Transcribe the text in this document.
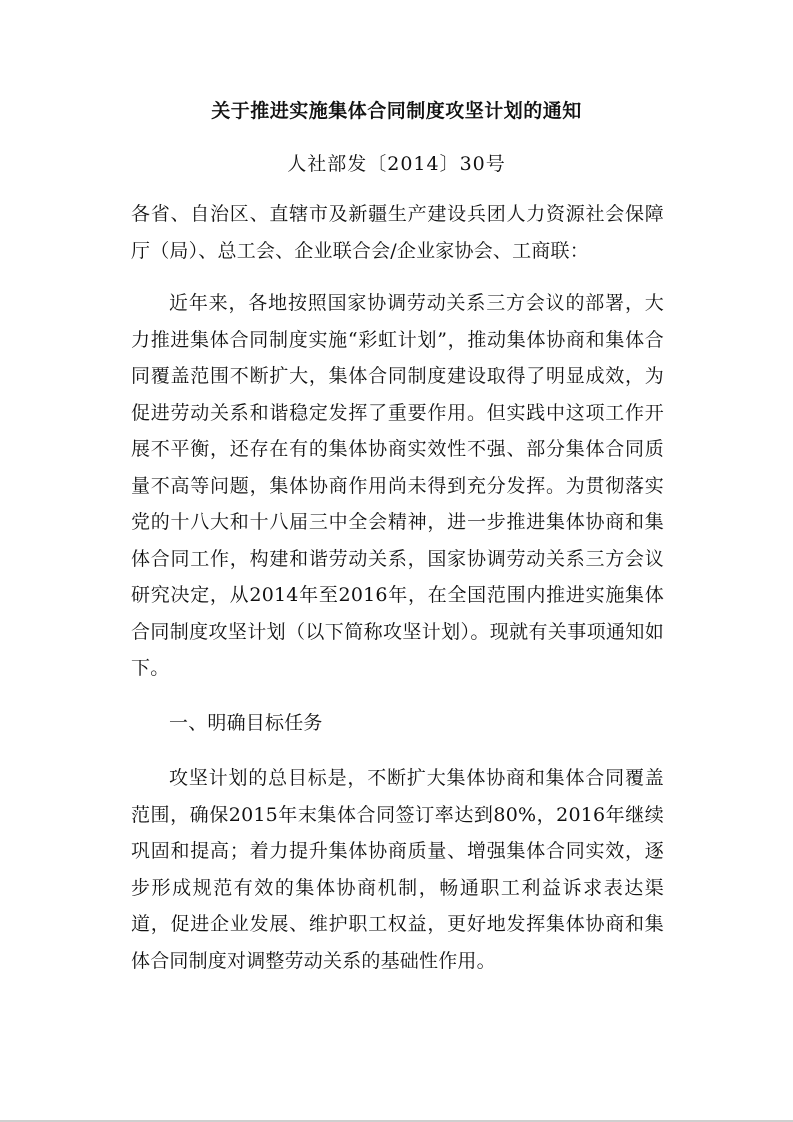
关于推进实施集体合同制度攻坚计划的通知
人社部发〔2014〕30号
各省、自治区、直辖市及新疆生产建设兵团人力资源社会保障厅（局）、总工会、企业联合会/企业家协会、工商联：
近年来，各地按照国家协调劳动关系三方会议的部署，大力推进集体合同制度实施“彩虹计划”，推动集体协商和集体合同覆盖范围不断扩大，集体合同制度建设取得了明显成效，为促进劳动关系和谐稳定发挥了重要作用。但实践中这项工作开展不平衡，还存在有的集体协商实效性不强、部分集体合同质量不高等问题，集体协商作用尚未得到充分发挥。为贯彻落实党的十八大和十八届三中全会精神，进一步推进集体协商和集体合同工作，构建和谐劳动关系，国家协调劳动关系三方会议研究决定，从2014年至2016年，在全国范围内推进实施集体合同制度攻坚计划（以下简称攻坚计划）。现就有关事项通知如下。
一、明确目标任务
攻坚计划的总目标是，不断扩大集体协商和集体合同覆盖范围，确保2015年末集体合同签订率达到80%，2016年继续巩固和提高；着力提升集体协商质量、增强集体合同实效，逐步形成规范有效的集体协商机制，畅通职工利益诉求表达渠道，促进企业发展、维护职工权益，更好地发挥集体协商和集体合同制度对调整劳动关系的基础性作用。
